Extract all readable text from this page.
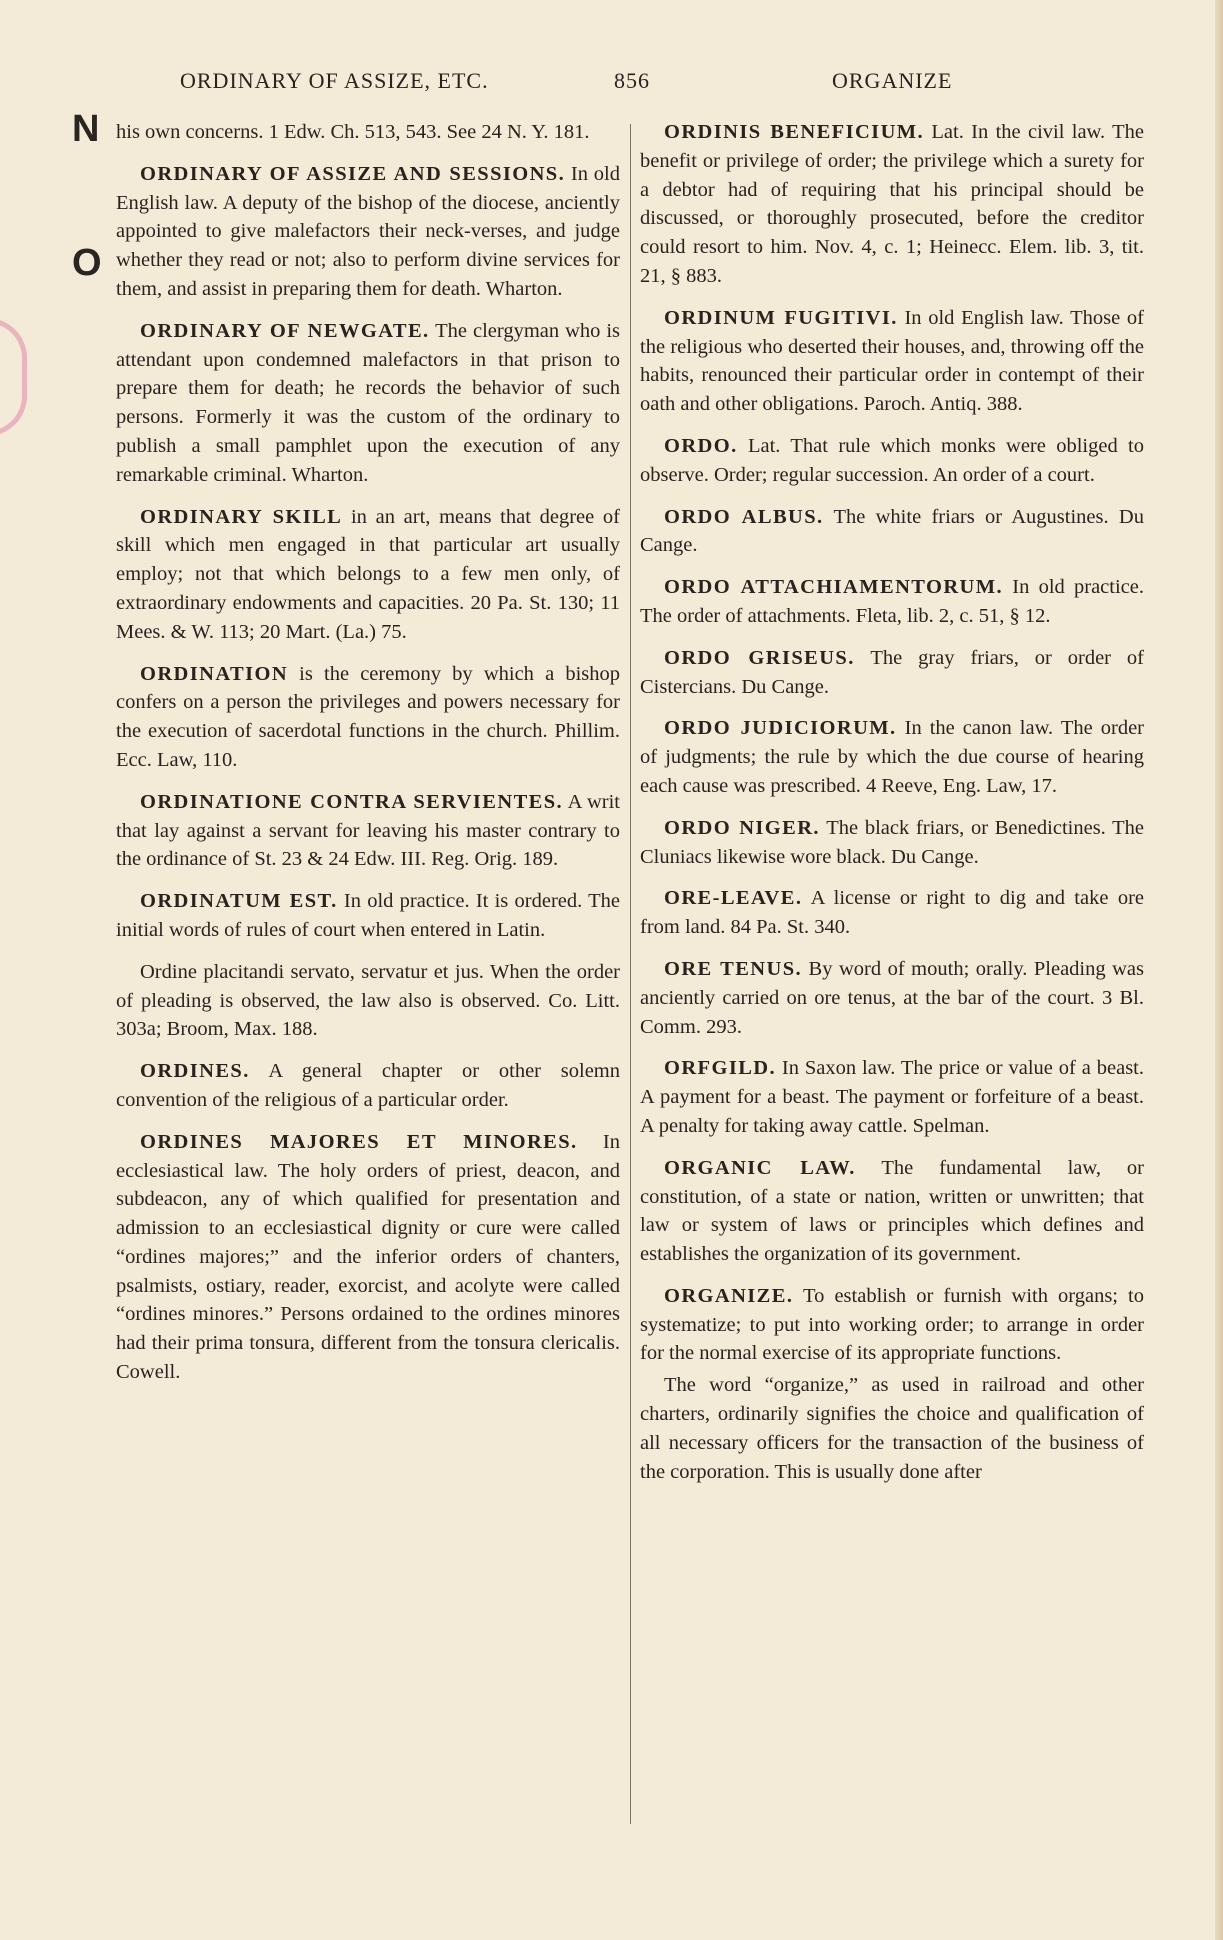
ORDINARY OF ASSIZE, ETC.	856	ORGANIZE
N
O

his own concerns. 1 Edw. Ch. 513, 543. See 24 N. Y. 181.

ORDINARY OF ASSIZE AND SESSIONS. In old English law. A deputy of the bishop of the diocese, anciently appointed to give malefactors their neck-verses, and judge whether they read or not; also to perform divine services for them, and assist in preparing them for death. Wharton.

ORDINARY OF NEWGATE. The clergyman who is attendant upon condemned malefactors in that prison to prepare them for death; he records the behavior of such persons. Formerly it was the custom of the ordinary to publish a small pamphlet upon the execution of any remarkable criminal. Wharton.

ORDINARY SKILL in an art, means that degree of skill which men engaged in that particular art usually employ; not that which belongs to a few men only, of extraordinary endowments and capacities. 20 Pa. St. 130; 11 Mees. & W. 113; 20 Mart. (La.) 75.

ORDINATION is the ceremony by which a bishop confers on a person the privileges and powers necessary for the execution of sacerdotal functions in the church. Phillim. Ecc. Law, 110.

ORDINATIONE CONTRA SERVIENTES. A writ that lay against a servant for leaving his master contrary to the ordinance of St. 23 & 24 Edw. III. Reg. Orig. 189.

ORDINATUM EST. In old practice. It is ordered. The initial words of rules of court when entered in Latin.

Ordine placitandi servato, servatur et jus. When the order of pleading is observed, the law also is observed. Co. Litt. 303a; Broom, Max. 188.

ORDINES. A general chapter or other solemn convention of the religious of a particular order.

ORDINES MAJORES ET MINORES. In ecclesiastical law. The holy orders of priest, deacon, and subdeacon, any of which qualified for presentation and admission to an ecclesiastical dignity or cure were called “ordines majores;” and the inferior orders of chanters, psalmists, ostiary, reader, exorcist, and acolyte were called “ordines minores.” Persons ordained to the ordines minores had their prima tonsura, different from the tonsura clericalis. Cowell.

ORDINIS BENEFICIUM. Lat. In the civil law. The benefit or privilege of order; the privilege which a surety for a debtor had of requiring that his principal should be discussed, or thoroughly prosecuted, before the creditor could resort to him. Nov. 4, c. 1; Heinecc. Elem. lib. 3, tit. 21, § 883.

ORDINUM FUGITIVI. In old English law. Those of the religious who deserted their houses, and, throwing off the habits, renounced their particular order in contempt of their oath and other obligations. Paroch. Antiq. 388.

ORDO. Lat. That rule which monks were obliged to observe. Order; regular succession. An order of a court.

ORDO ALBUS. The white friars or Augustines. Du Cange.

ORDO ATTACHIAMENTORUM. In old practice. The order of attachments. Fleta, lib. 2, c. 51, § 12.

ORDO GRISEUS. The gray friars, or order of Cistercians. Du Cange.

ORDO JUDICIORUM. In the canon law. The order of judgments; the rule by which the due course of hearing each cause was prescribed. 4 Reeve, Eng. Law, 17.

ORDO NIGER. The black friars, or Benedictines. The Cluniacs likewise wore black. Du Cange.

ORE-LEAVE. A license or right to dig and take ore from land. 84 Pa. St. 340.

ORE TENUS. By word of mouth; orally. Pleading was anciently carried on ore tenus, at the bar of the court. 3 Bl. Comm. 293.

ORFGILD. In Saxon law. The price or value of a beast. A payment for a beast. The payment or forfeiture of a beast. A penalty for taking away cattle. Spelman.

ORGANIC LAW. The fundamental law, or constitution, of a state or nation, written or unwritten; that law or system of laws or principles which defines and establishes the organization of its government.

ORGANIZE. To establish or furnish with organs; to systematize; to put into working order; to arrange in order for the normal exercise of its appropriate functions.

The word “organize,” as used in railroad and other charters, ordinarily signifies the choice and qualification of all necessary officers for the transaction of the business of the corporation. This is usually done after
